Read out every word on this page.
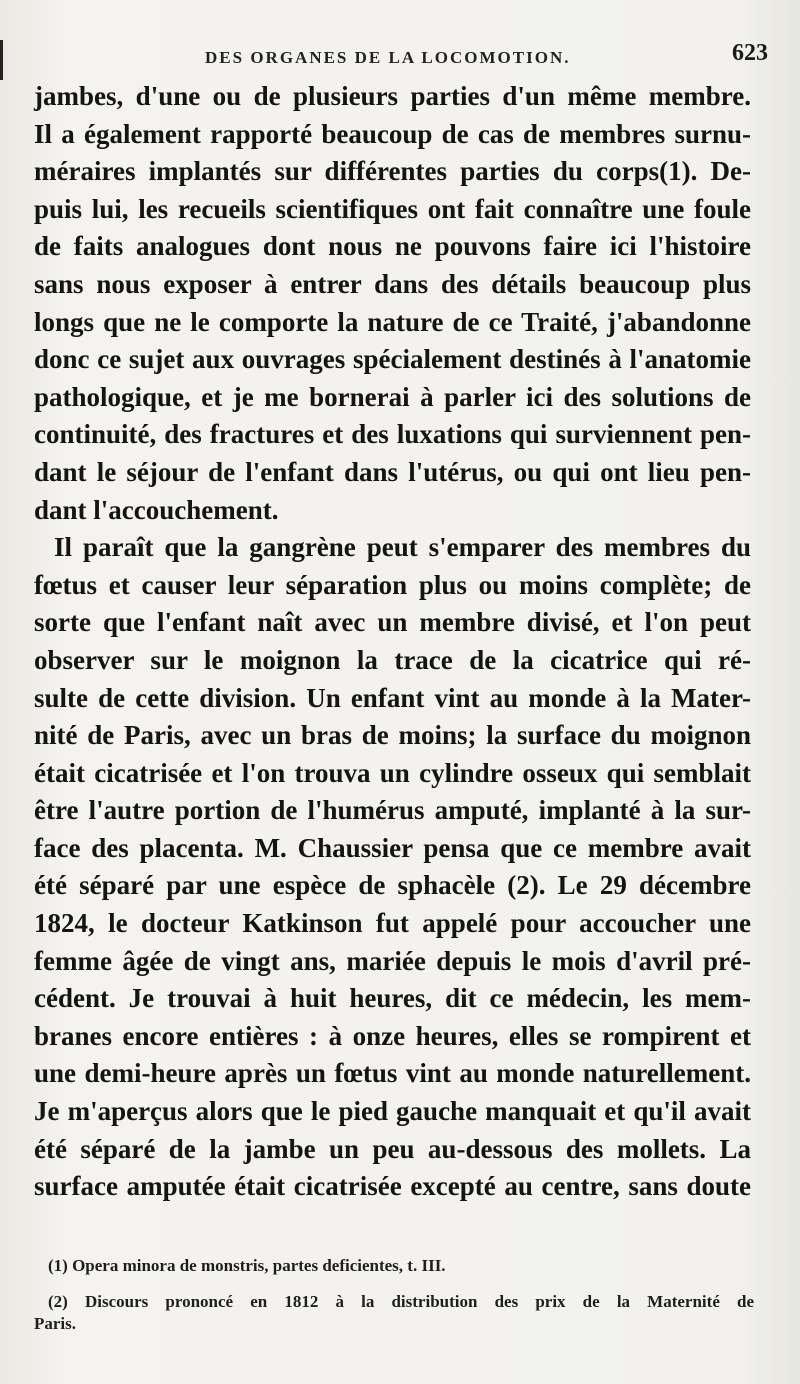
DES ORGANES DE LA LOCOMOTION.	623
jambes, d'une ou de plusieurs parties d'un même membre.
Il a également rapporté beaucoup de cas de membres surnu-
méraires implantés sur différentes parties du corps(1). De-
puis lui, les recueils scientifiques ont fait connaître une foule
de faits analogues dont nous ne pouvons faire ici l'histoire
sans nous exposer à entrer dans des détails beaucoup plus
longs que ne le comporte la nature de ce Traité, j'abandonne
donc ce sujet aux ouvrages spécialement destinés à l'anatomie
pathologique, et je me bornerai à parler ici des solutions de
continuité, des fractures et des luxations qui surviennent pen-
dant le séjour de l'enfant dans l'utérus, ou qui ont lieu pen-
dant l'accouchement.
Il paraît que la gangrène peut s'emparer des membres du
fœtus et causer leur séparation plus ou moins complète; de
sorte que l'enfant naît avec un membre divisé, et l'on peut
observer sur le moignon la trace de la cicatrice qui ré-
sulte de cette division. Un enfant vint au monde à la Mater-
nité de Paris, avec un bras de moins; la surface du moignon
était cicatrisée et l'on trouva un cylindre osseux qui semblait
être l'autre portion de l'humérus amputé, implanté à la sur-
face des placenta. M. Chaussier pensa que ce membre avait
été séparé par une espèce de sphacèle (2). Le 29 décembre
1824, le docteur Katkinson fut appelé pour accoucher une
femme âgée de vingt ans, mariée depuis le mois d'avril pré-
cédent. Je trouvai à huit heures, dit ce médecin, les mem-
branes encore entières : à onze heures, elles se rompirent et
une demi-heure après un fœtus vint au monde naturellement.
Je m'aperçus alors que le pied gauche manquait et qu'il avait
été séparé de la jambe un peu au-dessous des mollets. La
surface amputée était cicatrisée excepté au centre, sans doute
(1) Opera minora de monstris, partes deficientes, t. III.
(2) Discours prononcé en 1812 à la distribution des prix de la Maternité de
Paris.
